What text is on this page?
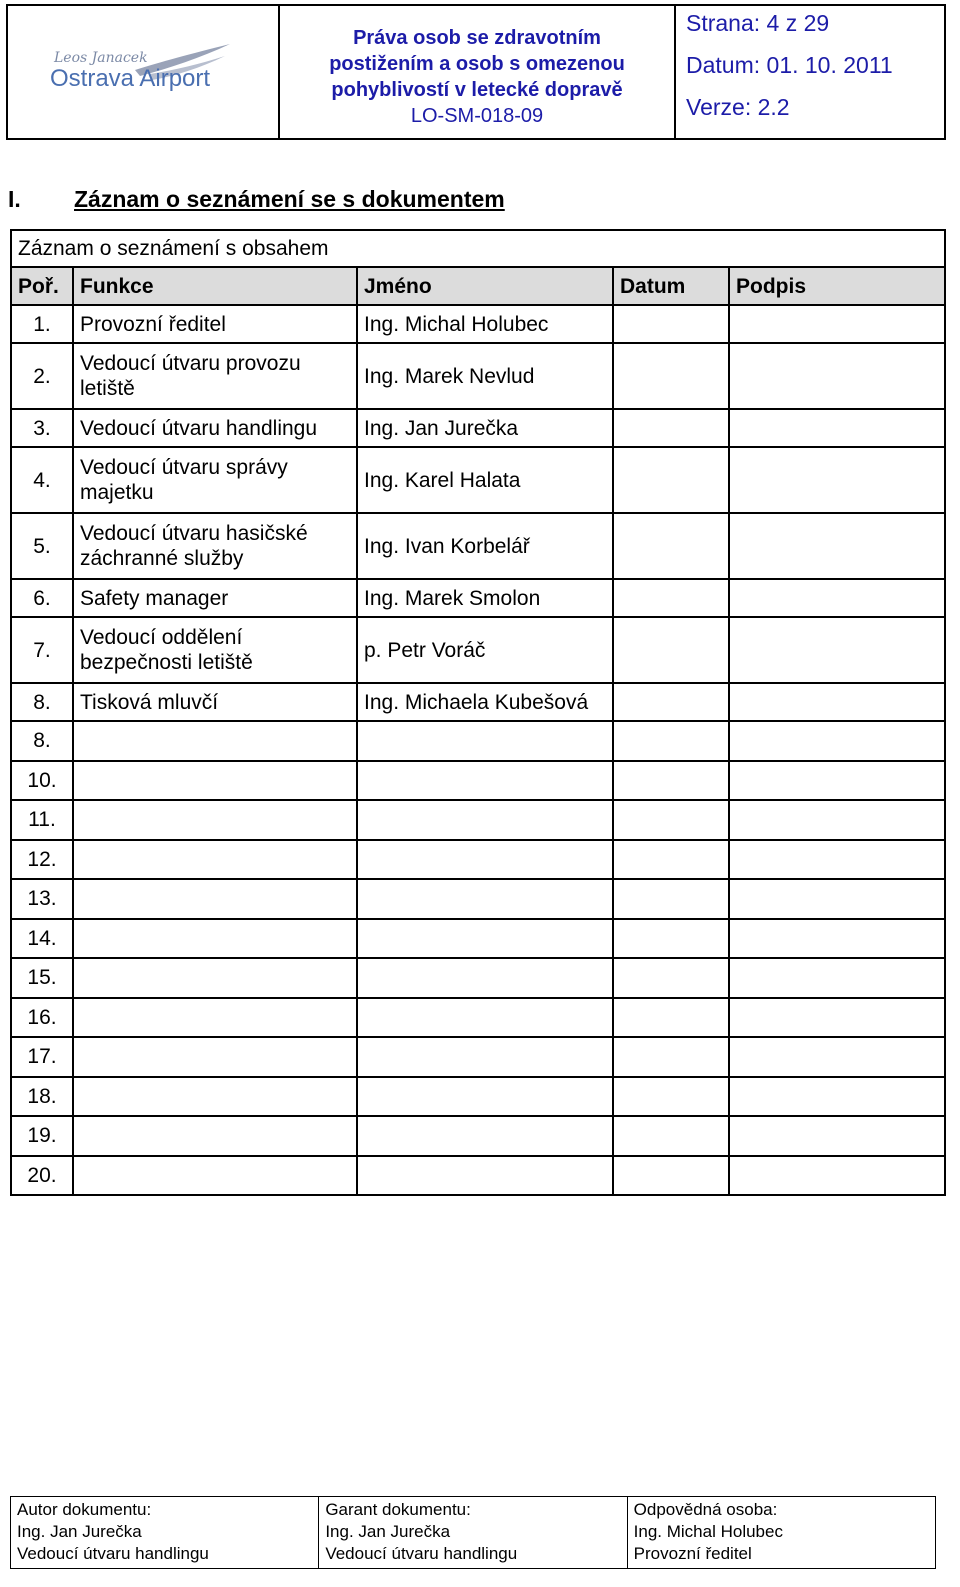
Leos Janacek
Ostrava Airport
Práva osob se zdravotním
postižením a osob s omezenou
pohyblivostí v letecké dopravě
LO-SM-018-09
Strana: 4 z 29
Datum: 01. 10. 2011
Verze: 2.2
I. Záznam o seznámení se s dokumentem
Záznam o seznámení s obsahem				
Poř.	Funkce	Jméno	Datum	Podpis
1.	Provozní ředitel	Ing. Michal Holubec		
2.	Vedoucí útvaru provozu letiště	Ing. Marek Nevlud		
3.	Vedoucí útvaru handlingu	Ing. Jan Jurečka		
4.	Vedoucí útvaru správy majetku	Ing. Karel Halata		
5.	Vedoucí útvaru hasičské záchranné služby	Ing. Ivan Korbelář		
6.	Safety manager	Ing. Marek Smolon		
7.	Vedoucí oddělení bezpečnosti letiště	p. Petr Voráč		
8.	Tisková mluvčí	Ing. Michaela Kubešová		
8.				
10.				
11.				
12.				
13.				
14.				
15.				
16.				
17.				
18.				
19.				
20.				
Autor dokumentu:
Ing. Jan Jurečka
Vedoucí útvaru handlingu

Garant dokumentu:
Ing. Jan Jurečka
Vedoucí útvaru handlingu

Odpovědná osoba:
Ing. Michal Holubec
Provozní ředitel
